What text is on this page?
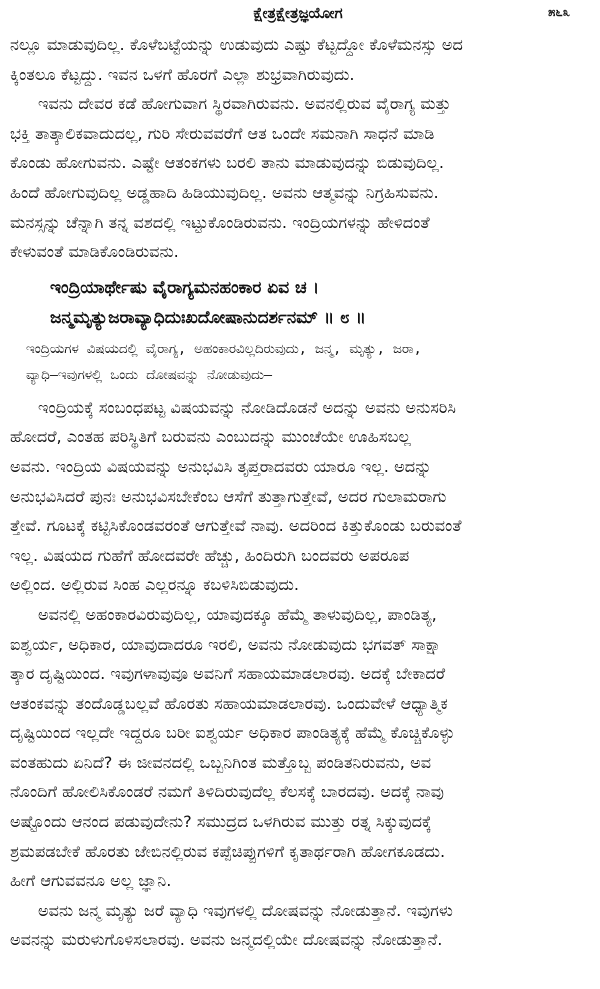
ಕ್ಷೇತ್ರಕ್ಷೇತ್ರಜ್ಞಯೋಗ	೫೬೩

ನಲ್ಲೂ ಮಾಡುವುದಿಲ್ಲ. ಕೊಳೆಬಟ್ಟೆಯನ್ನು ಉಡುವುದು ಎಷ್ಟು ಕೆಟ್ಟದ್ದೋ ಕೊಳೆಮನಸ್ಸು ಅದ
ಕ್ಕಿಂತಲೂ ಕೆಟ್ಟದ್ದು. ಇವನ ಒಳಗೆ ಹೊರಗೆ ಎಲ್ಲಾ ಶುಭ್ರವಾಗಿರುವುದು.

ಇವನು ದೇವರ ಕಡೆ ಹೋಗುವಾಗ ಸ್ಥಿರವಾಗಿರುವನು. ಅವನಲ್ಲಿರುವ ವೈರಾಗ್ಯ ಮತ್ತು
ಭಕ್ತಿ ತಾತ್ಕಾಲಿಕವಾದುದಲ್ಲ, ಗುರಿ ಸೇರುವವರೆಗೆ ಆತ ಒಂದೇ ಸಮನಾಗಿ ಸಾಧನೆ ಮಾಡಿ
ಕೊಂಡು ಹೋಗುವನು. ಎಷ್ಟೇ ಆತಂಕಗಳು ಬರಲಿ ತಾನು ಮಾಡುವುದನ್ನು ಬಿಡುವುದಿಲ್ಲ.
ಹಿಂದೆ ಹೋಗುವುದಿಲ್ಲ ಅಡ್ಡಹಾದಿ ಹಿಡಿಯುವುದಿಲ್ಲ. ಅವನು ಆತ್ಮವನ್ನು ನಿಗ್ರಹಿಸುವನು.
ಮನಸ್ಸನ್ನು ಚೆನ್ನಾಗಿ ತನ್ನ ವಶದಲ್ಲಿ ಇಟ್ಟುಕೊಂಡಿರುವನು. ಇಂದ್ರಿಯಗಳನ್ನು ಹೇಳಿದಂತೆ
ಕೇಳುವಂತೆ ಮಾಡಿಕೊಂಡಿರುವನು.

ಇಂದ್ರಿಯಾರ್ಥೇಷು ವೈರಾಗ್ಯಮನಹಂಕಾರ ಏವ ಚ ।
ಜನ್ಮಮೃತ್ಯುಜರಾವ್ಯಾಧಿದುಃಖದೋಷಾನುದರ್ಶನಮ್ ॥ ೮ ॥
ಇಂದ್ರಿಯಗಳ ವಿಷಯದಲ್ಲಿ ವೈರಾಗ್ಯ, ಅಹಂಕಾರವಿಲ್ಲದಿರುವುದು, ಜನ್ಮ, ಮೃತ್ಯು, ಜರಾ,
ವ್ಯಾಧಿ—ಇವುಗಳಲ್ಲಿ ಒಂದು ದೋಷವನ್ನು ನೋಡುವುದು—

ಇಂದ್ರಿಯಕ್ಕೆ ಸಂಬಂಧಪಟ್ಟ ವಿಷಯವನ್ನು ನೋಡಿದೊಡನೆ ಅದನ್ನು ಅವನು ಅನುಸರಿಸಿ
ಹೋದರೆ, ಎಂತಹ ಪರಿಸ್ಥಿತಿಗೆ ಬರುವನು ಎಂಬುದನ್ನು ಮುಂಚೆಯೇ ಊಹಿಸಬಲ್ಲ
ಅವನು. ಇಂದ್ರಿಯ ವಿಷಯವನ್ನು ಅನುಭವಿಸಿ ತೃಪ್ತರಾದವರು ಯಾರೂ ಇಲ್ಲ. ಅದನ್ನು
ಅನುಭವಿಸಿದರೆ ಪುನಃ ಅನುಭವಿಸಬೇಕೆಂಬ ಆಸೆಗೆ ತುತ್ತಾಗುತ್ತೇವೆ, ಅದರ ಗುಲಾಮರಾಗು
ತ್ತೇವೆ. ಗೂಟಕ್ಕೆ ಕಟ್ಟಿಸಿಕೊಂಡವರಂತೆ ಆಗುತ್ತೇವೆ ನಾವು. ಅದರಿಂದ ಕಿತ್ತುಕೊಂಡು ಬರುವಂತೆ
ಇಲ್ಲ. ವಿಷಯದ ಗುಹೆಗೆ ಹೋದವರೇ ಹೆಚ್ಚು, ಹಿಂದಿರುಗಿ ಬಂದವರು ಅಪರೂಪ
ಅಲ್ಲಿಂದ. ಅಲ್ಲಿರುವ ಸಿಂಹ ಎಲ್ಲರನ್ನೂ ಕಬಳಿಸಿಬಿಡುವುದು.

ಅವನಲ್ಲಿ ಅಹಂಕಾರವಿರುವುದಿಲ್ಲ, ಯಾವುದಕ್ಕೂ ಹೆಮ್ಮೆ ತಾಳುವುದಿಲ್ಲ, ಪಾಂಡಿತ್ಯ,
ಐಶ್ವರ್ಯ, ಅಧಿಕಾರ, ಯಾವುದಾದರೂ ಇರಲಿ, ಅವನು ನೋಡುವುದು ಭಗವತ್ ಸಾಕ್ಷಾ
ತ್ಕಾರ ದೃಷ್ಟಿಯಿಂದ. ಇವುಗಳಾವುವೂ ಅವನಿಗೆ ಸಹಾಯಮಾಡಲಾರವು. ಅದಕ್ಕೆ ಬೇಕಾದರೆ
ಆತಂಕವನ್ನು ತಂದೊಡ್ಡಬಲ್ಲವೆ ಹೊರತು ಸಹಾಯಮಾಡಲಾರವು. ಒಂದುವೇಳೆ ಆಧ್ಯಾತ್ಮಿಕ
ದೃಷ್ಟಿಯಿಂದ ಇಲ್ಲದೇ ಇದ್ದರೂ ಬರೀ ಐಶ್ವರ್ಯ ಅಧಿಕಾರ ಪಾಂಡಿತ್ಯಕ್ಕೆ ಹೆಮ್ಮೆ ಕೊಚ್ಚಿಕೊಳ್ಳು
ವಂತಹುದು ಏನಿದೆ? ಈ ಜೀವನದಲ್ಲಿ ಒಬ್ಬನಿಗಿಂತ ಮತ್ತೊಬ್ಬ ಪಂಡಿತನಿರುವನು, ಅವ
ನೊಂದಿಗೆ ಹೋಲಿಸಿಕೊಂಡರೆ ನಮಗೆ ತಿಳಿದಿರುವುದೆಲ್ಲ ಕೆಲಸಕ್ಕೆ ಬಾರದವು. ಅದಕ್ಕೆ ನಾವು
ಅಷ್ಟೊಂದು ಆನಂದ ಪಡುವುದೇನು? ಸಮುದ್ರದ ಒಳಗಿರುವ ಮುತ್ತು ರತ್ನ ಸಿಕ್ಕುವುದಕ್ಕೆ
ಶ್ರಮಪಡಬೇಕೆ ಹೊರತು ಜೇಬಿನಲ್ಲಿರುವ ಕಪ್ಪೆಚಿಪ್ಪುಗಳಿಗೆ ಕೃತಾರ್ಥರಾಗಿ ಹೋಗಕೂಡದು.
ಹೀಗೆ ಆಗುವವನೂ ಅಲ್ಲ ಜ್ಞಾನಿ.

ಅವನು ಜನ್ಮ ಮೃತ್ಯು ಜರೆ ವ್ಯಾಧಿ ಇವುಗಳಲ್ಲಿ ದೋಷವನ್ನು ನೋಡುತ್ತಾನೆ. ಇವುಗಳು
ಅವನನ್ನು ಮರುಳುಗೊಳಿಸಲಾರವು. ಅವನು ಜನ್ಮದಲ್ಲಿಯೇ ದೋಷವನ್ನು ನೋಡುತ್ತಾನೆ.
